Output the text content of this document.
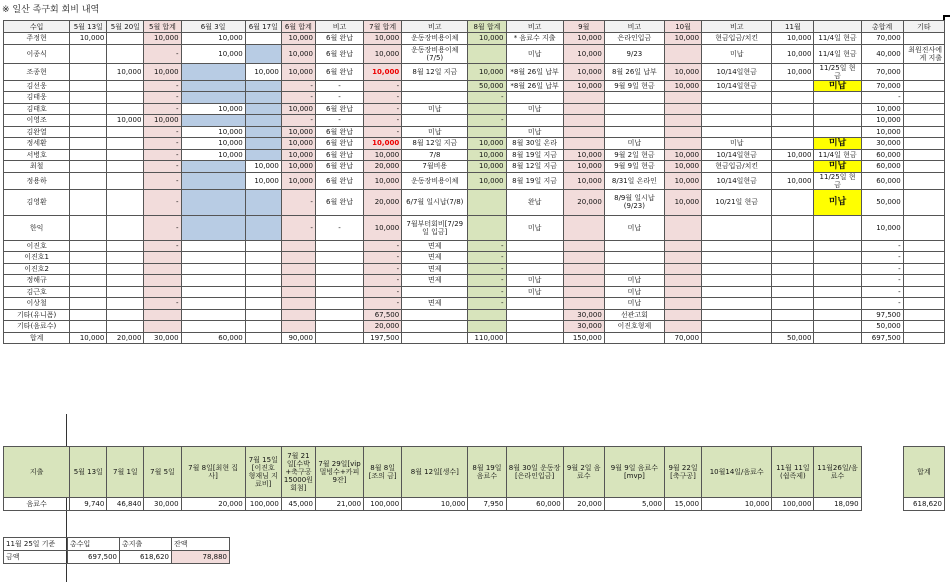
※ 일산 족구회 회비 내역
수입	5월 13일	5월 20일	5월 합계	6월 3일	6월 17일	6월 합계	비고	7월 합계	비고	8월 합계	비고	9월	비고	10월	비고	11월		총합계	기타
주정현	10,000		10,000	10,000		10,000	6월 완납	10,000	운동장비용이체	10,000	* 음료수 지출	10,000	은라인입금	10,000	현금입금/치킨	10,000	11/4일 현금	70,000	
이종식			-	10,000		10,000	6월 완납	10,000	운동장비용이체 (7/5)		미납	10,000	9/23		미납	10,000	11/4일 현금	40,000	최원진사에게 지출
조종현		10,000	10,000		10,000	10,000	6월 완납	10,000	8월 12일 지금	10,000	*8월 26일 납부	10,000	8월 26일 납부	10,000	10/14일현금	10,000	11/25일 현금	70,000	
김선웅			-			-	-	-		50,000	*8월 26일 납부	10,000	9월 9일 현금	10,000	10/14일현금		미납	70,000	
김태웅			-			-	-	-		-								-	
김태호			-	10,000		10,000	6월 완납	-	미납		미납							10,000	
이영조		10,000	10,000			-	-	-		-								10,000	
김완열			-	10,000		10,000	6월 완납	-	미납		미납							10,000	
정세환			-	10,000		10,000	6월 완납	10,000	8월 12일 지금	10,000	8월 30일 온라		미납		미납		미납	30,000	
서병호			-	10,000		10,000	6월 완납	10,000	7/8	10,000	8월 19일 지금	10,000	9월 2일 현금	10,000	10/14일현금	10,000	11/4일 현금	60,000	
최철			-		10,000	10,000	6월 완납	20,000	7월비용	10,000	8월 12일 지금	10,000	9월 9일 현금	10,000	현금입금/치킨		미납	60,000	
정용하			-		10,000	10,000	6월 완납	10,000	운동장비용이체	10,000	8월 19일 지금	10,000	8/31일 온라인	10,000	10/14일현금	10,000	11/25일 현금	60,000	
김영환			-			-	6월 완납	20,000	6/7월 일시납(7/8)		완납	20,000	8/9월 일시납 (9/23)	10,000	10/21일 현금		미납	50,000	
한익			-			-	-	10,000	7월부터회비[7/29일 입금]		미납		미납					10,000	
이진호			-					-	면제	-								-	
이진호1								-	면제	-								-	
이진호2								-	면제	-								-	
정해규								-	면제	-	미납		미납					-	
김근호								-		-	미납		미납					-	
이상철			-					-	면제	-			미납					-	
기타(유니폼)								67,500				30,000	선관고회					97,500	
기타(음료수)								20,000				30,000	이진호형제					50,000	
합계	10,000	20,000	30,000	60,000		90,000		197,500		110,000		150,000		70,000		50,000		697,500	
지출	5월 13일	7월 1일	7월 5일	7월 8일[최현 집사]	7월 15일[이진호 형재님 지료비]	7월 21일[수박+축구공 15000원 회첨]	7월 29일[vip 멀빙수+카피9잔]	8월 8일[조의 금]	8월 12일[생수]	8월 19일 음료수	8월 30일 운동장 [은라인입금]	9월 2일 음료수	9월 9일 음료수 [mvp]	9월 22일 [축구공]	10월14일/음료수	11월 11일(쉽족제)	11월26일/음료수		합계
음료수	9,740	46,840	30,000	20,000	100,000	45,000	21,000	100,000	10,000	7,950	60,000	20,000	5,000	15,000	10,000	100,000	18,090		618,620
11월 25일 기준	총수입	총지출	잔액
금액	697,500	618,620	78,880
